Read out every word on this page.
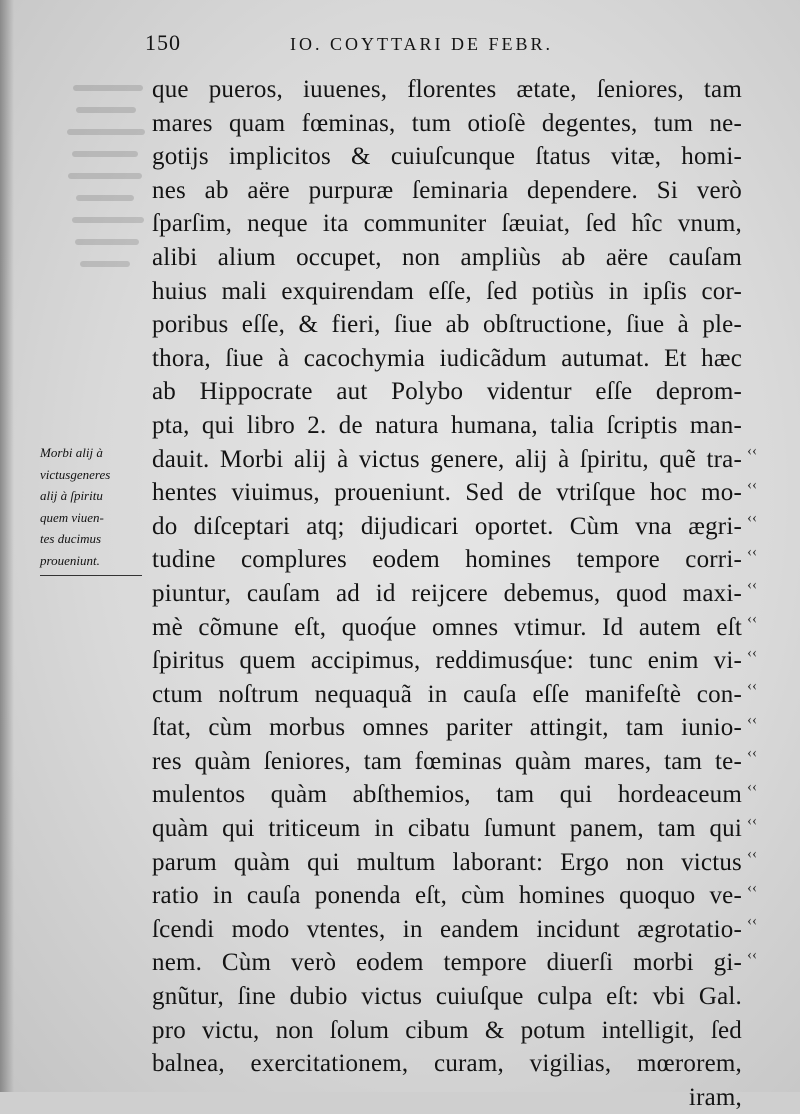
150	IO. COYTTARI DE FEBR.
Morbi alij à
victusgeneres
alij à ſpiritu
quem viuen-
tes ducimus
proueniunt.
que pueros, iuuenes, florentes ætate, ſeniores, tam
mares quam fœminas, tum otioſè degentes, tum ne-
gotijs implicitos & cuiuſcunque ſtatus vitæ, homi-
nes ab aëre purpuræ ſeminaria dependere. Si verò
ſparſim, neque ita communiter ſæuiat, ſed hîc vnum,
alibi alium occupet, non ampliùs ab aëre cauſam
huius mali exquirendam eſſe, ſed potiùs in ipſis cor-
poribus eſſe, & fieri, ſiue ab obſtructione, ſiue à ple-
thora, ſiue à cacochymia iudicãdum autumat. Et hæc
ab Hippocrate aut Polybo videntur eſſe deprom-
pta, qui libro 2. de natura humana, talia ſcriptis man-
dauit. Morbi alij à victus genere, alij à ſpiritu, quẽ tra-
hentes viuimus, proueniunt. Sed de vtriſque hoc mo-
do diſceptari atq; dijudicari oportet. Cùm vna ægri-
tudine complures eodem homines tempore corri-
piuntur, cauſam ad id reijcere debemus, quod maxi-
mè cõmune eſt, quoq́ue omnes vtimur. Id autem eſt
ſpiritus quem accipimus, reddimusq́ue: tunc enim vi-
ctum noſtrum nequaquã in cauſa eſſe manifeſtè con-
ſtat, cùm morbus omnes pariter attingit, tam iunio-
res quàm ſeniores, tam fœminas quàm mares, tam te-
mulentos quàm abſthemios, tam qui hordeaceum
quàm qui triticeum in cibatu ſumunt panem, tam qui
parum quàm qui multum laborant: Ergo non victus
ratio in cauſa ponenda eſt, cùm homines quoquo ve-
ſcendi modo vtentes, in eandem incidunt ægrotatio-
nem. Cùm verò eodem tempore diuerſi morbi gi-
gnũtur, ſine dubio victus cuiuſque culpa eſt: vbi Gal.
pro victu, non ſolum cibum & potum intelligit, ſed
balnea, exercitationem, curam, vigilias, mœrorem,
iram,
‹‹
‹‹
‹‹
‹‹
‹‹
‹‹
‹‹
‹‹
‹‹
‹‹
‹‹
‹‹
‹‹
‹‹
‹‹
‹‹
